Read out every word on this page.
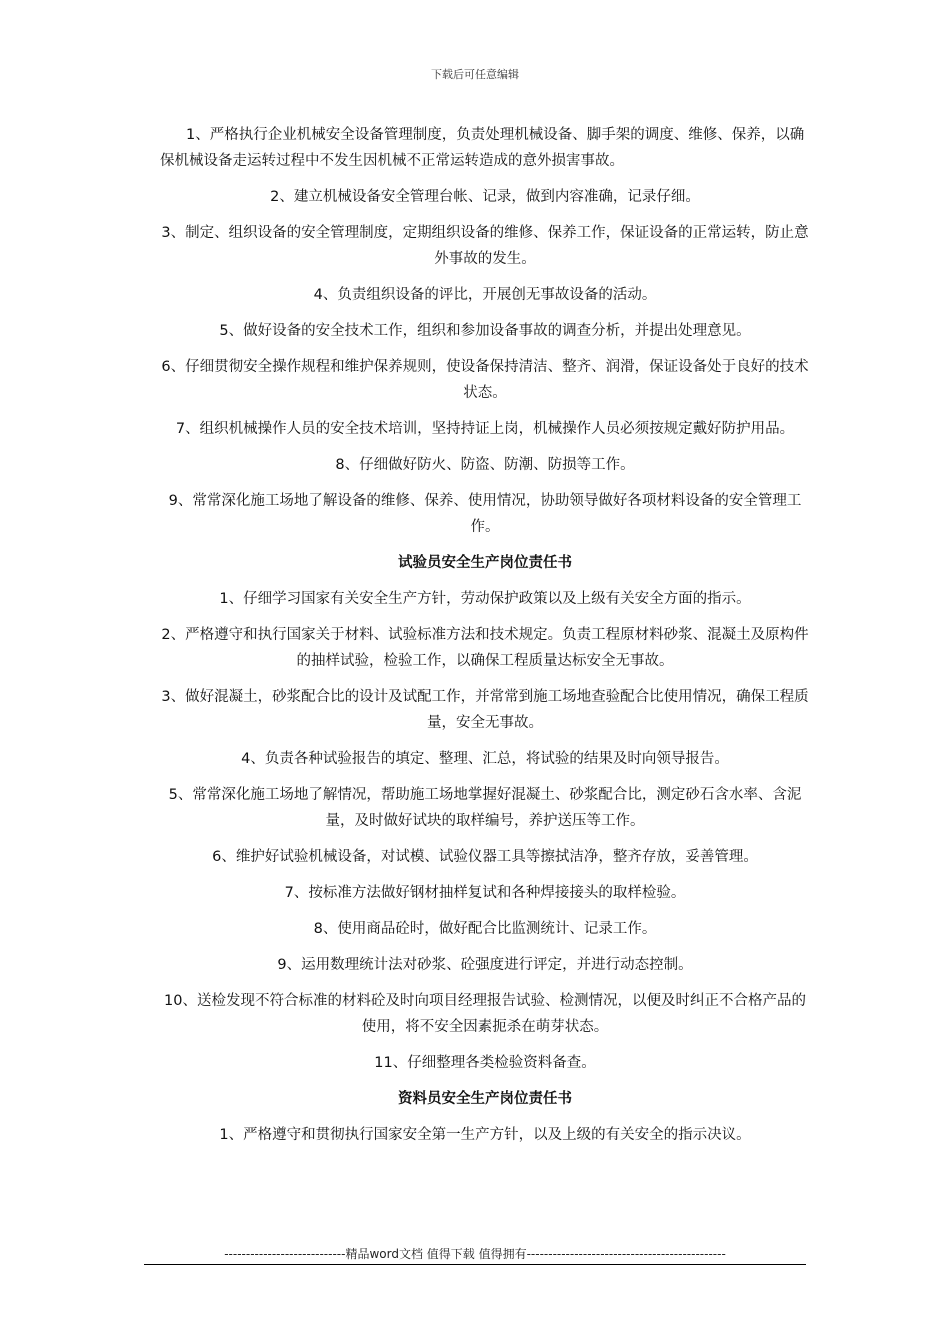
下载后可任意编辑

1、严格执行企业机械安全设备管理制度，负责处理机械设备、脚手架的调度、维修、保养，以确保机械设备走运转过程中不发生因机械不正常运转造成的意外损害事故。

2、建立机械设备安全管理台帐、记录，做到内容准确，记录仔细。

3、制定、组织设备的安全管理制度，定期组织设备的维修、保养工作，保证设备的正常运转，防止意外事故的发生。

4、负责组织设备的评比，开展创无事故设备的活动。

5、做好设备的安全技术工作，组织和参加设备事故的调查分析，并提出处理意见。

6、仔细贯彻安全操作规程和维护保养规则，使设备保持清洁、整齐、润滑，保证设备处于良好的技术状态。

7、组织机械操作人员的安全技术培训，坚持持证上岗，机械操作人员必须按规定戴好防护用品。

8、仔细做好防火、防盗、防潮、防损等工作。

9、常常深化施工场地了解设备的维修、保养、使用情况，协助领导做好各项材料设备的安全管理工作。

试验员安全生产岗位责任书

1、仔细学习国家有关安全生产方针，劳动保护政策以及上级有关安全方面的指示。

2、严格遵守和执行国家关于材料、试验标准方法和技术规定。负责工程原材料砂浆、混凝土及原构件的抽样试验，检验工作，以确保工程质量达标安全无事故。

3、做好混凝土，砂浆配合比的设计及试配工作，并常常到施工场地查验配合比使用情况，确保工程质量，安全无事故。

4、负责各种试验报告的填定、整理、汇总，将试验的结果及时向领导报告。

5、常常深化施工场地了解情况，帮助施工场地掌握好混凝土、砂浆配合比，测定砂石含水率、含泥量，及时做好试块的取样编号，养护送压等工作。

6、维护好试验机械设备，对试模、试验仪器工具等擦拭洁净，整齐存放，妥善管理。

7、按标准方法做好钢材抽样复试和各种焊接接头的取样检验。

8、使用商品砼时，做好配合比监测统计、记录工作。

9、运用数理统计法对砂浆、砼强度进行评定，并进行动态控制。

10、送检发现不符合标准的材料砼及时向项目经理报告试验、检测情况，以便及时纠正不合格产品的使用，将不安全因素扼杀在萌芽状态。

11、仔细整理各类检验资料备查。

资料员安全生产岗位责任书

1、严格遵守和贯彻执行国家安全第一生产方针，以及上级的有关安全的指示决议。

----------------------------精品word文档 值得下载 值得拥有----------------------------------------------
